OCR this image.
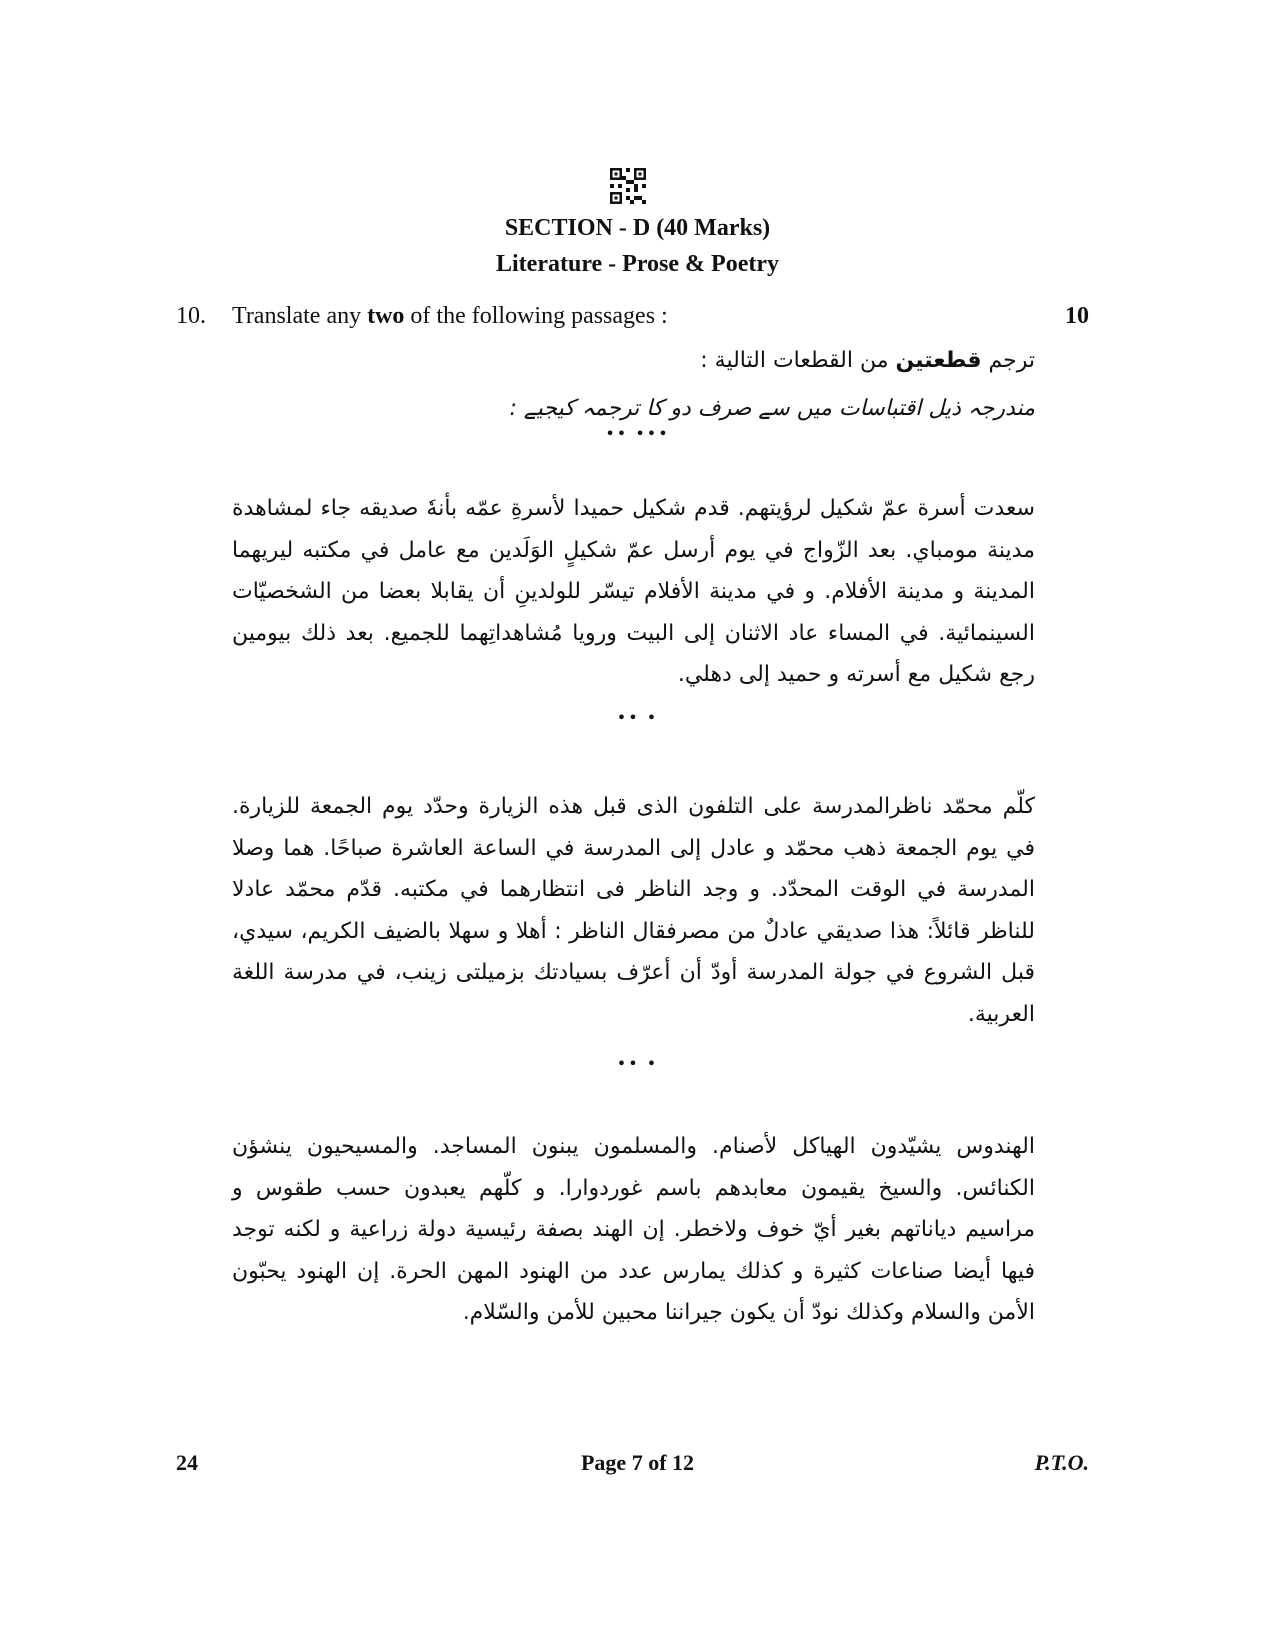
SECTION - D (40 Marks)
Literature - Prose & Poetry
10. Translate any two of the following passages :	10
ترجم قطعتين من القطعات التالية :
مندرجہ ذیل اقتباسات میں سے صرف دو کا ترجمہ کیجیے :
•• •••

سعدت أسرة عمّ شكيل لرؤيتهم. قدم شكيل حميدا لأسرةِ عمّه بأنهٗ صديقه جاء لمشاهدة مدينة مومباي. بعد الزّواج في يوم أرسل عمّ شكيلٍ الوَلَدين مع عامل في مكتبه ليريهما المدينة و مدينة الأفلام. و في مدينة الأفلام تيسّر للولدينِ أن يقابلا بعضا من الشخصيّات السينمائية. في المساء عاد الاثنان إلى البيت ورويا مُشاهداتِهما للجميع. بعد ذلك بيومين رجع شكيل مع أسرته و حميد إلى دهلي.

•• •

كلّم محمّد ناظرالمدرسة على التلفون الذى قبل هذه الزيارة وحدّد يوم الجمعة للزيارة. في يوم الجمعة ذهب محمّد و عادل إلى المدرسة في الساعة العاشرة صباحًا. هما وصلا المدرسة في الوقت المحدّد. و وجد الناظر فى انتظارهما في مكتبه. قدّم محمّد عادلا للناظر قائلاً: هذا صديقي عادلٌ من مصرفقال الناظر : أهلا و سهلا بالضيف الكريم، سيدي، قبل الشروع في جولة المدرسة أودّ أن أعرّف بسيادتك بزميلتى زينب، في مدرسة اللغة العربية.

•• •

الهندوس يشيّدون الهياكل لأصنام. والمسلمون يبنون المساجد. والمسيحيون ينشؤن الكنائس. والسيخ يقيمون معابدهم باسم غوردوارا. و كلّهم يعبدون حسب طقوس و مراسيم دياناتهم بغير أيّ خوف ولاخطر. إن الهند بصفة رئيسية دولة زراعية و لكنه توجد فيها أيضا صناعات كثيرة و كذلك يمارس عدد من الهنود المهن الحرة. إن الهنود يحبّون الأمن والسلام وكذلك نودّ أن يكون جيراننا محبين للأمن والسّلام.

24	Page 7 of 12	P.T.O.
